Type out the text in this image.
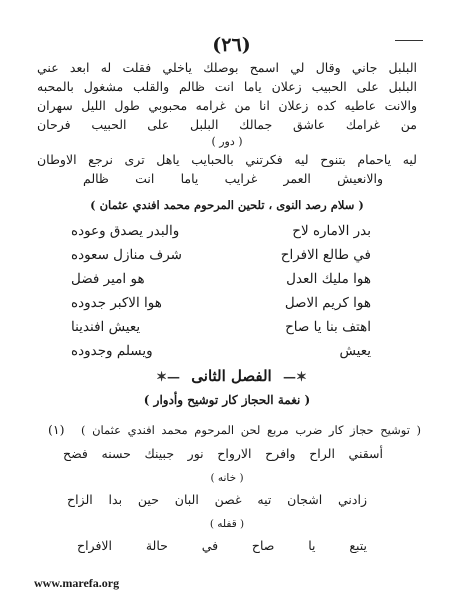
(٢٦)
البلبل جاني وقال لي اسمح بوصلك ياخلي فقلت له ابعد عني
البلبل على الحبيب زعلان ياما انت ظالم والقلب مشغول بالمحبه
والانت عاطيه كده زعلان انا من غرامه محبوبي طول الليل سهران
من غرامك عاشق جمالك البلبل على الحبيب فرحان
( دور )
ليه ياحمام بتنوح ليه فكرتني بالحبايب ياهل ترى نرجع الاوطان
والانعيش العمر غرايب ياما انت ظالم
( سلام رصد النوى ، تلحين المرحوم محمد افندي عثمان )
بدر الاماره لاح
والبدر يصدق وعوده
في طالع الافراح
شرف منازل سعوده
هوا مليك العدل
هو امير فضل
هوا كريم الاصل
هوا الاكبر جدوده
اهتف بنا يا صاح
يعيش افندينا
يعيش
ويسلم وجدوده
✶— الفصل الثانى —✶
( نغمة الحجاز كار توشيح وأدوار )
(١) ( توشيح حجاز كار ضرب مربع لحن المرحوم محمد افندي عثمان )
أسقني الراح وافرح الارواح نور جبينك حسنه فضح
( خانه )
زادني اشجان تيه غصن البان حين بدا الزاح
( قفله )
يتبع يا صاح في حالة الافراح
www.marefa.org
